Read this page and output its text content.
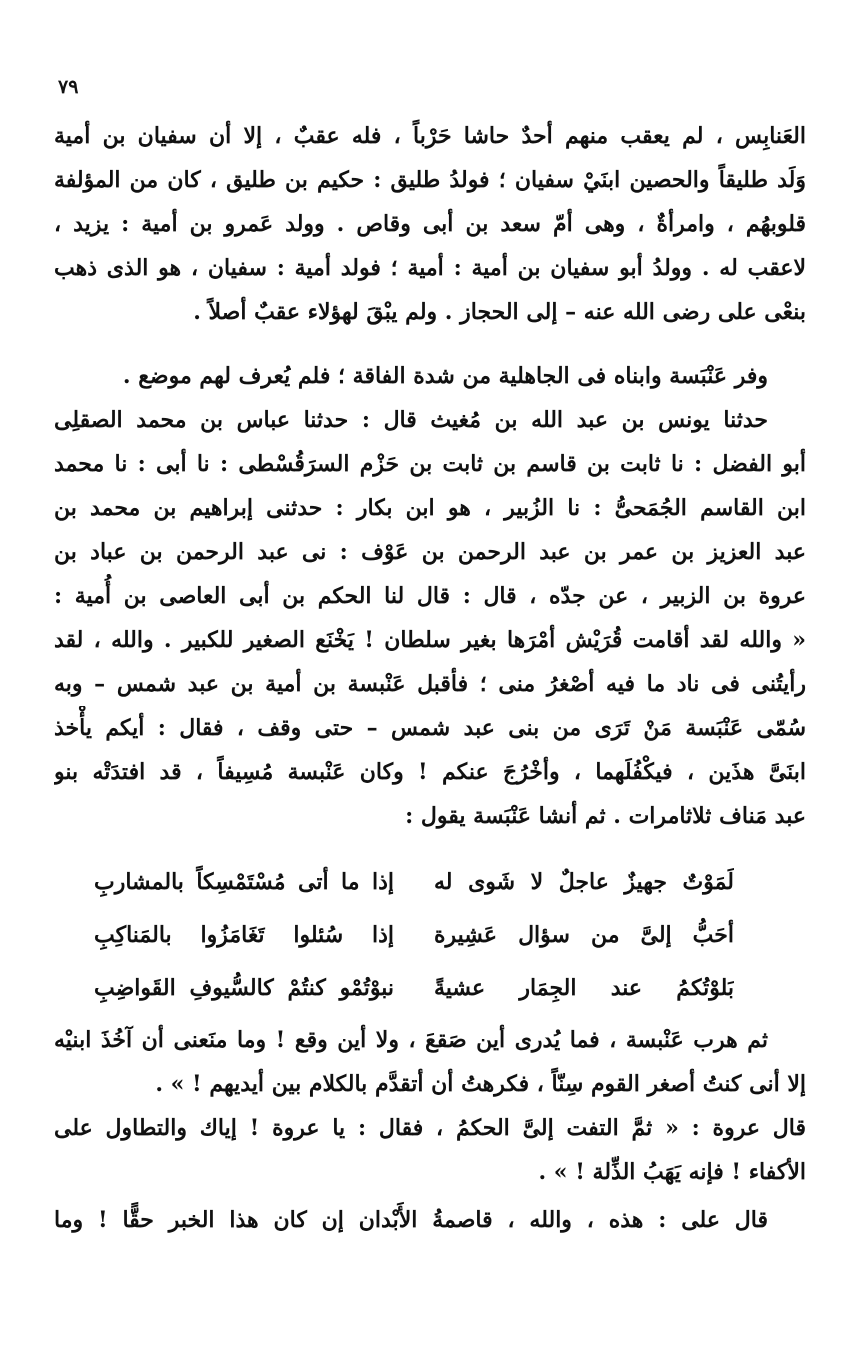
٧٩
العَنابِس ، لم يعقب منهم أحدٌ حاشا حَرْباً ، فله عقبٌ ، إلا أن سفيان بن أمية
وَلَد طليقاً والحصين ابنَيْ سفيان ؛ فولدُ طليق : حكيم بن طليق ، كان من المؤلفة
قلوبهُم ، وامرأةٌ ، وهى أمّ سعد بن أبى وقاص . وولد عَمرو بن أمية : يزيد ،
لاعقب له . وولدُ أبو سفيان بن أمية : أمية ؛ فولد أمية : سفيان ، هو الذى ذهب
بنعْى على رضى الله عنه – إلى الحجاز . ولم يبْقَ لهؤلاء عقبٌ أصلاً .
وفر عَنْبَسة وابناه فى الجاهلية من شدة الفاقة ؛ فلم يُعرف لهم موضع .
حدثنا يونس بن عبد الله بن مُغيث قال : حدثنا عباس بن محمد الصقلِى
أبو الفضل : نا ثابت بن قاسم بن ثابت بن حَزْم السرَقُسْطى : نا أبى : نا محمد
ابن القاسم الجُمَحىُّ : نا الزُبير ، هو ابن بكار : حدثنى إبراهيم بن محمد بن
عبد العزيز بن عمر بن عبد الرحمن بن عَوْف : نى عبد الرحمن بن عباد بن
عروة بن الزبير ، عن جدّه ، قال : قال لنا الحكم بن أبى العاصى بن أُمية :
« والله لقد أقامت قُرَيْش أمْرَها بغير سلطان ! يَخْنَع الصغير للكبير . والله ، لقد
رأيتُنى فى ناد ما فيه أصْغرُ منى ؛ فأقبل عَنْبسة بن أمية بن عبد شمس – وبه
سُمّى عَنْبَسة مَنْ تَرَى من بنى عبد شمس – حتى وقف ، فقال : أيكم يأْخذ
ابنَىَّ هذَين ، فيكْفُلَهما ، وأخْرُجَ عنكم ! وكان عَنْبسة مُسِيفاً ، قد افتدَتْه بنو
عبد مَناف ثلاثامرات . ثم أنشا عَنْبَسة يقول :
لَمَوْتٌ جهيزٌ عاجلٌ لا شَوى له
إذا ما أتى مُسْتَمْسِكاً بالمشاربِ
أحَبُّ إلىَّ من سؤال عَشِيرة
إذا سُئلوا تَغَامَزُوا بالمَناكِبِ
بَلوْتُكمُ عند الجِمَار عشيةً
نبوْتُمْو كنتُمْ كالسُّيوفِ القَواضِبِ
ثم هرب عَنْبسة ، فما يُدرى أين صَقعَ ، ولا أين وقع ! وما منَعنى أن آخُذَ ابنيْه
إلا أنى كنتُ أصغر القوم سِنّاً ، فكرهتُ أن أتقدَّم بالكلام بين أيديهم ! » .
قال عروة : « ثمَّ التفت إلىَّ الحكمُ ، فقال : يا عروة ! إياك والتطاول على
الأكفاء ! فإنه يَهَبُ الذِّلة ! » .
قال على : هذه ، والله ، قاصمةُ الأَبْدان إن كان هذا الخبر حقًّا ! وما
